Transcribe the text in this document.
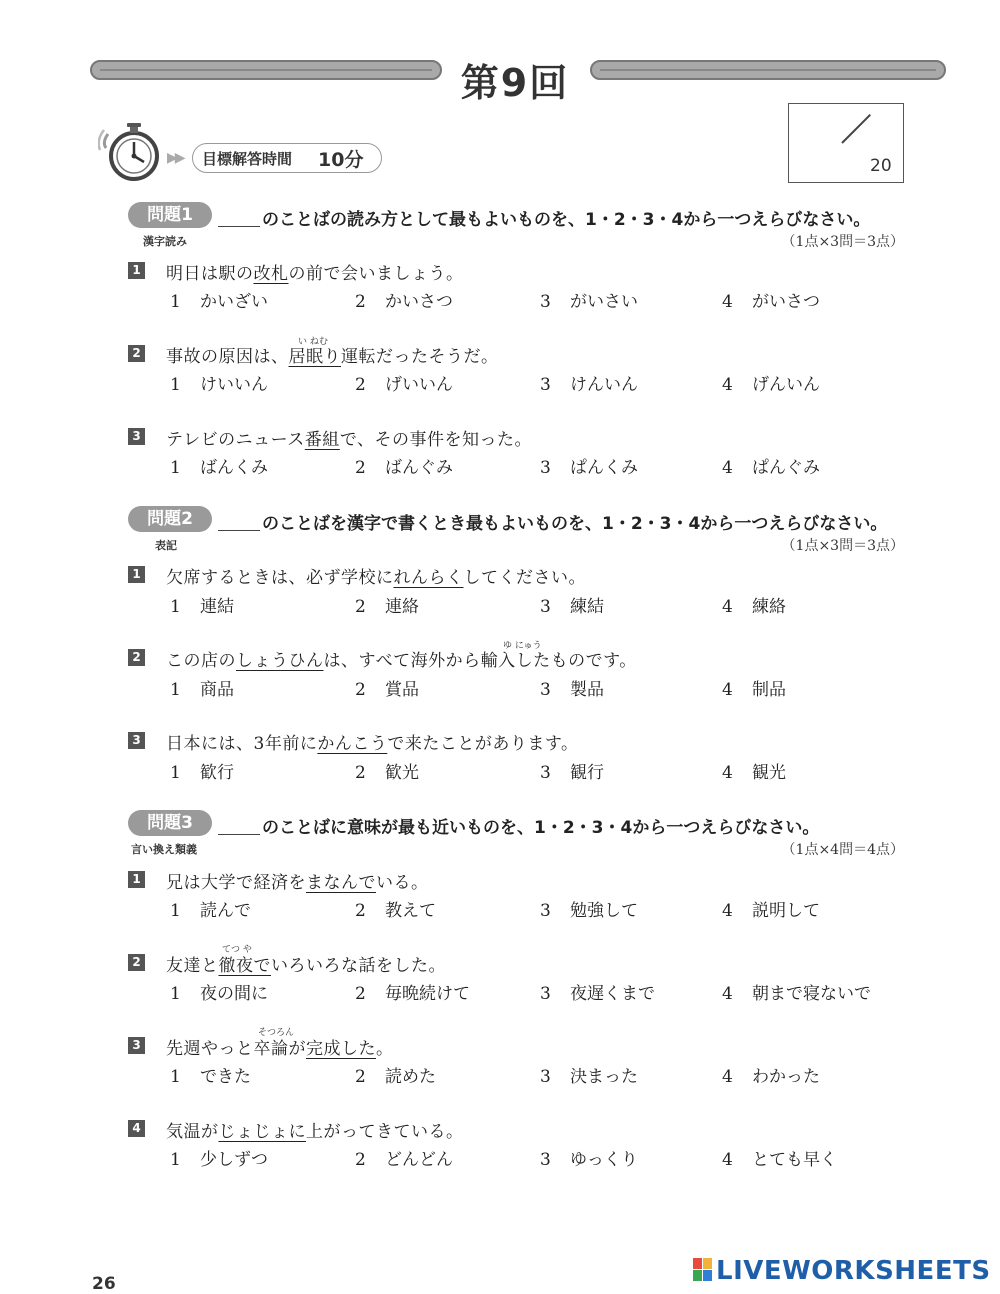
第9回
▶▶ 目標解答時間 10分	20
問題1	のことばの読み方として最もよいものを、1・2・3・4から一つえらびなさい。
漢字読み	（1点×3問＝3点）
1 明日は駅の改札の前で会いましょう。
1 かいざい	2 かいさつ	3 がいさい	4 がいさつ
い ねむ
2 事故の原因は、居眠り運転だったそうだ。
1 けいいん	2 げいいん	3 けんいん	4 げんいん
3 テレビのニュース番組で、その事件を知った。
1 ばんくみ	2 ばんぐみ	3 ぱんくみ	4 ぱんぐみ
問題2	のことばを漢字で書くとき最もよいものを、1・2・3・4から一つえらびなさい。
表記	（1点×3問＝3点）
1 欠席するときは、必ず学校にれんらくしてください。
1 連結	2 連絡	3 練結	4 練絡
ゆ にゅう
2 この店のしょうひんは、すべて海外から輸入したものです。
1 商品	2 賞品	3 製品	4 制品
3 日本には、3年前にかんこうで来たことがあります。
1 歓行	2 歓光	3 観行	4 観光
問題3	のことばに意味が最も近いものを、1・2・3・4から一つえらびなさい。
言い換え類義	（1点×4問＝4点）
1 兄は大学で経済をまなんでいる。
1 読んで	2 教えて	3 勉強して	4 説明して
てつ や
2 友達と徹夜でいろいろな話をした。
1 夜の間に	2 毎晩続けて	3 夜遅くまで	4 朝まで寝ないで
そつろん
3 先週やっと卒論が完成した。
1 できた	2 読めた	3 決まった	4 わかった
4 気温がじょじょに上がってきている。
1 少しずつ	2 どんどん	3 ゆっくり	4 とても早く
26	LIVEWORKSHEETS
